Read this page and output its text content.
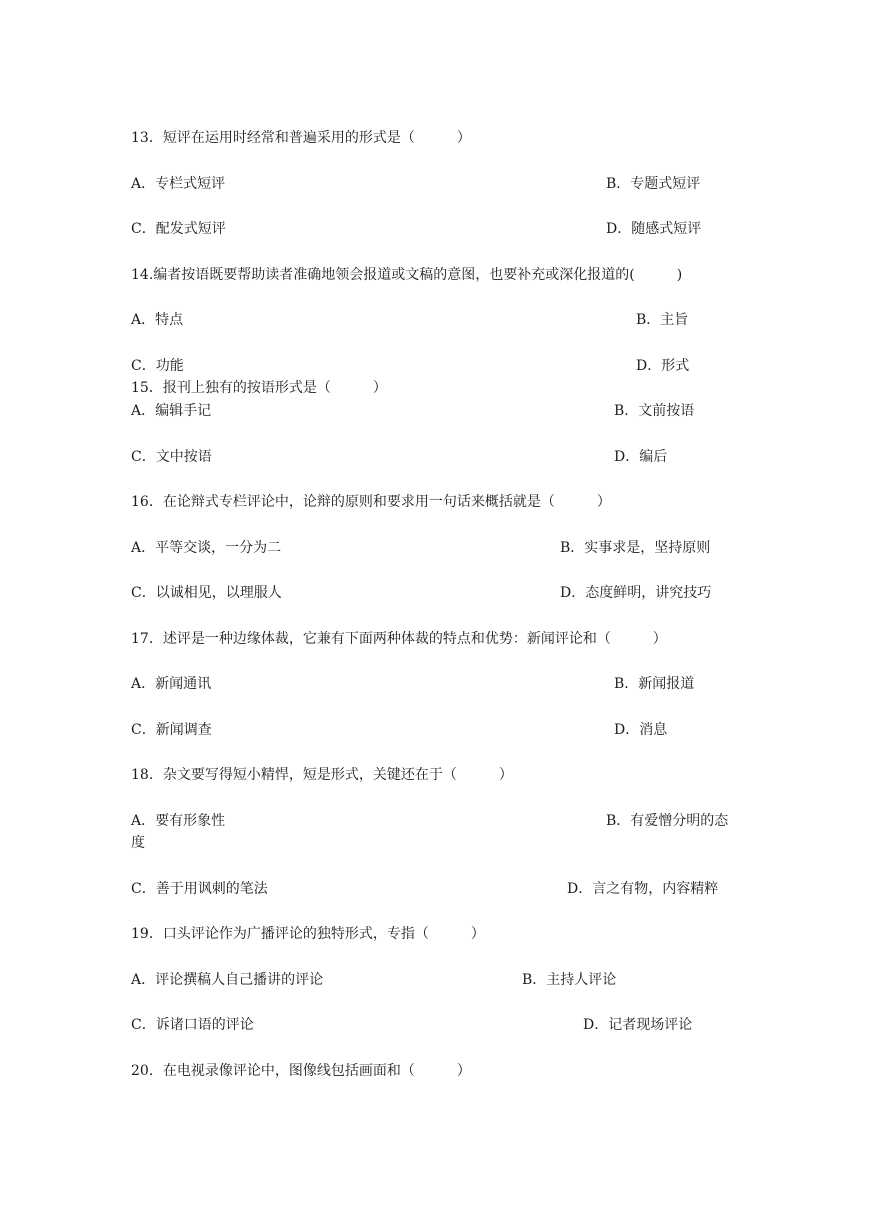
13．短评在运用时经常和普遍采用的形式是（　　　）
A．专栏式短评	B．专题式短评
C．配发式短评	D．随感式短评
14.编者按语既要帮助读者准确地领会报道或文稿的意图，也要补充或深化报道的(　　　)
A．特点	B．主旨
C．功能	D．形式
15．报刊上独有的按语形式是（　　　）
A．编辑手记	B．文前按语
C．文中按语	D．编后
16．在论辩式专栏评论中，论辩的原则和要求用一句话来概括就是（　　　）
A．平等交谈，一分为二	B．实事求是，坚持原则
C．以诚相见，以理服人	D．态度鲜明，讲究技巧
17．述评是一种边缘体裁，它兼有下面两种体裁的特点和优势：新闻评论和（　　　）
A．新闻通讯	B．新闻报道
C．新闻调查	D．消息
18．杂文要写得短小精悍，短是形式，关键还在于（　　　）
A．要有形象性	B．有爱憎分明的态
度
C．善于用讽刺的笔法	D．言之有物，内容精粹
19．口头评论作为广播评论的独特形式，专指（　　　）
A．评论撰稿人自己播讲的评论	B．主持人评论
C．诉诸口语的评论	D．记者现场评论
20．在电视录像评论中，图像线包括画面和（　　　）
